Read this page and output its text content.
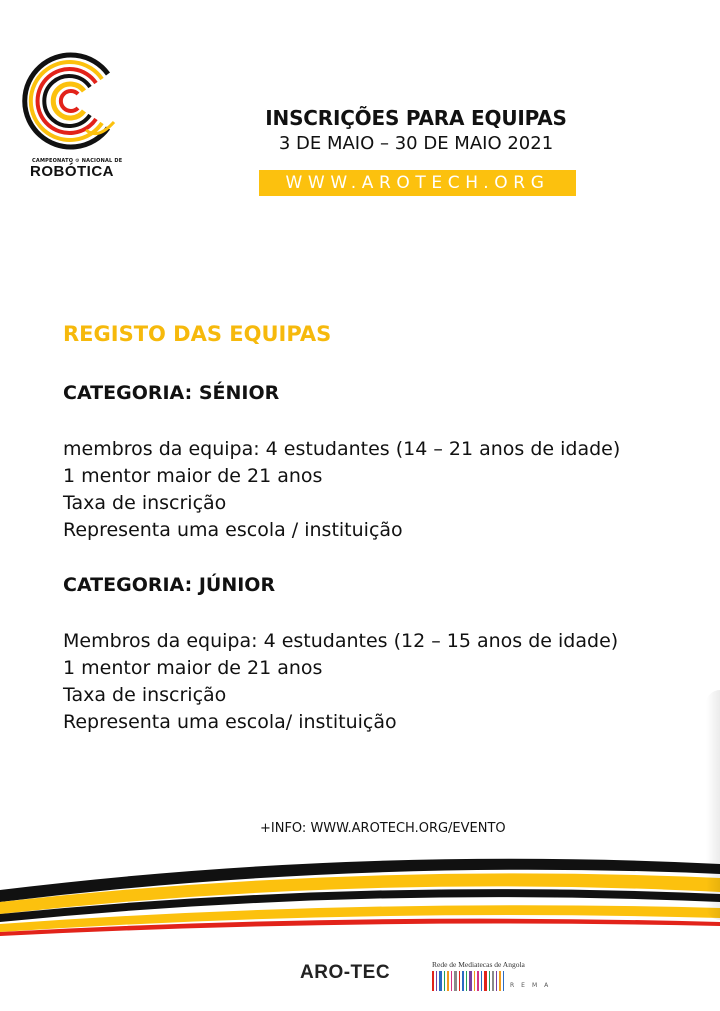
CAMPEONATO ⚙ NACIONAL DE
ROBÓTICA
INSCRIÇÕES PARA EQUIPAS
3 DE MAIO – 30 DE MAIO 2021
WWW.AROTECH.ORG
REGISTO DAS EQUIPAS
CATEGORIA: SÉNIOR
membros da equipa: 4 estudantes (14 – 21 anos de idade)
1 mentor maior de 21 anos
Taxa de inscrição
Representa uma escola / instituição
CATEGORIA: JÚNIOR
Membros da equipa: 4 estudantes (12 – 15 anos de idade)
1 mentor maior de 21 anos
Taxa de inscrição
Representa uma escola/ instituição
+INFO: WWW.AROTECH.ORG/EVENTO
ARO-TEC	Rede de Mediatecas de Angola
REMA
